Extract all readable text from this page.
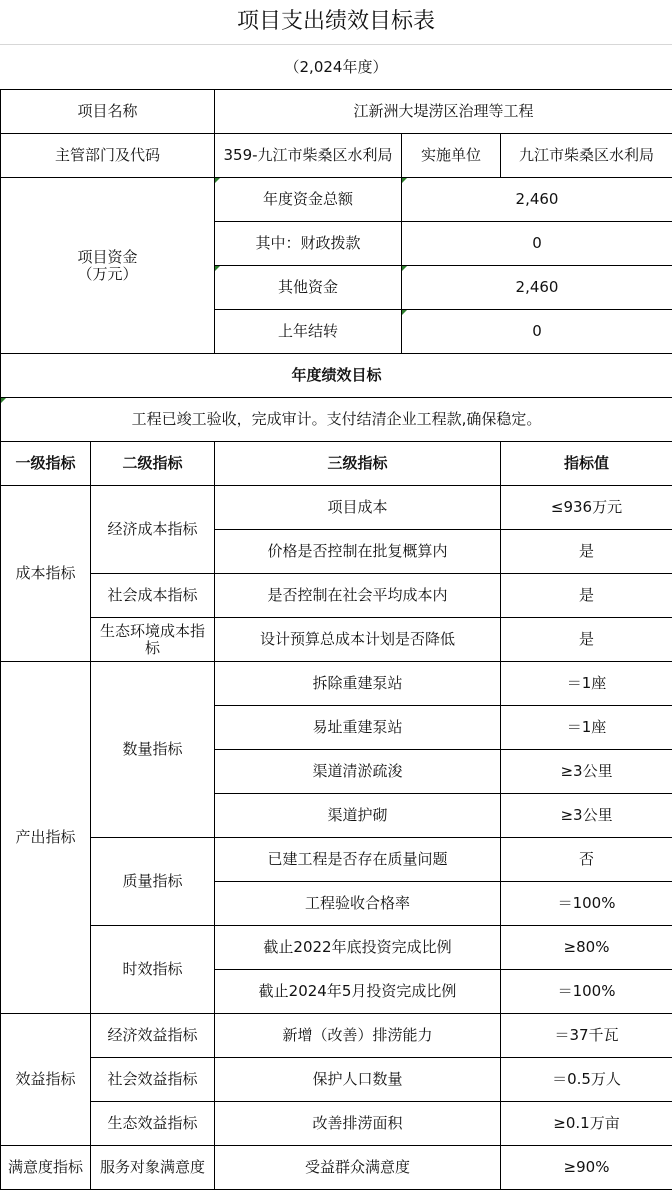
项目支出绩效目标表
（2,024年度）
项目名称		江新洲大堤涝区治理等工程		
主管部门及代码		359-九江市柴桑区水利局	实施单位	九江市柴桑区水利局
项目资金
（万元）		年度资金总额	2,460	
		其中：财政拨款	0	
		其他资金	2,460	
		上年结转	0	
年度绩效目标				
工程已竣工验收，完成审计。支付结清企业工程款,确保稳定。				
一级指标	二级指标	三级指标		指标值
成本指标	经济成本指标	项目成本		≤936万元
		价格是否控制在批复概算内		是
	社会成本指标	是否控制在社会平均成本内		是
	生态环境成本指标	设计预算总成本计划是否降低		是
产出指标	数量指标	拆除重建泵站		＝1座
		易址重建泵站		＝1座
		渠道清淤疏浚		≥3公里
		渠道护砌		≥3公里
	质量指标	已建工程是否存在质量问题		否
		工程验收合格率		＝100%
	时效指标	截止2022年底投资完成比例		≥80%
		截止2024年5月投资完成比例		＝100%
效益指标	经济效益指标	新增（改善）排涝能力		＝37千瓦
	社会效益指标	保护人口数量		＝0.5万人
	生态效益指标	改善排涝面积		≥0.1万亩
满意度指标	服务对象满意度	受益群众满意度		≥90%
